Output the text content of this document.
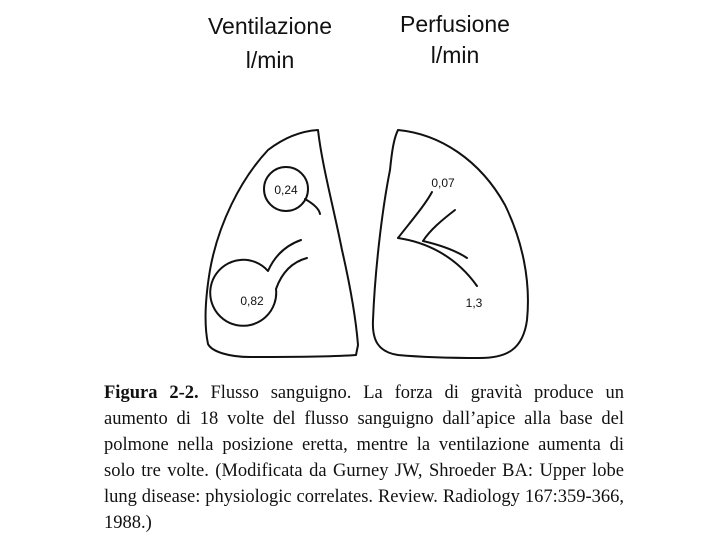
Ventilazione
l/min
Perfusione
l/min
0,24
0,82
0,07
1,3

Figura 2-2. Flusso sanguigno. La forza di gravità produce un aumento di 18 volte del flusso sanguigno dall’apice alla base del polmone nella posizione eretta, mentre la ventilazione aumenta di solo tre volte. (Modificata da Gurney JW, Shroeder BA: Upper lobe lung disease: physiologic correlates. Review. Radiology 167:359-366, 1988.)
